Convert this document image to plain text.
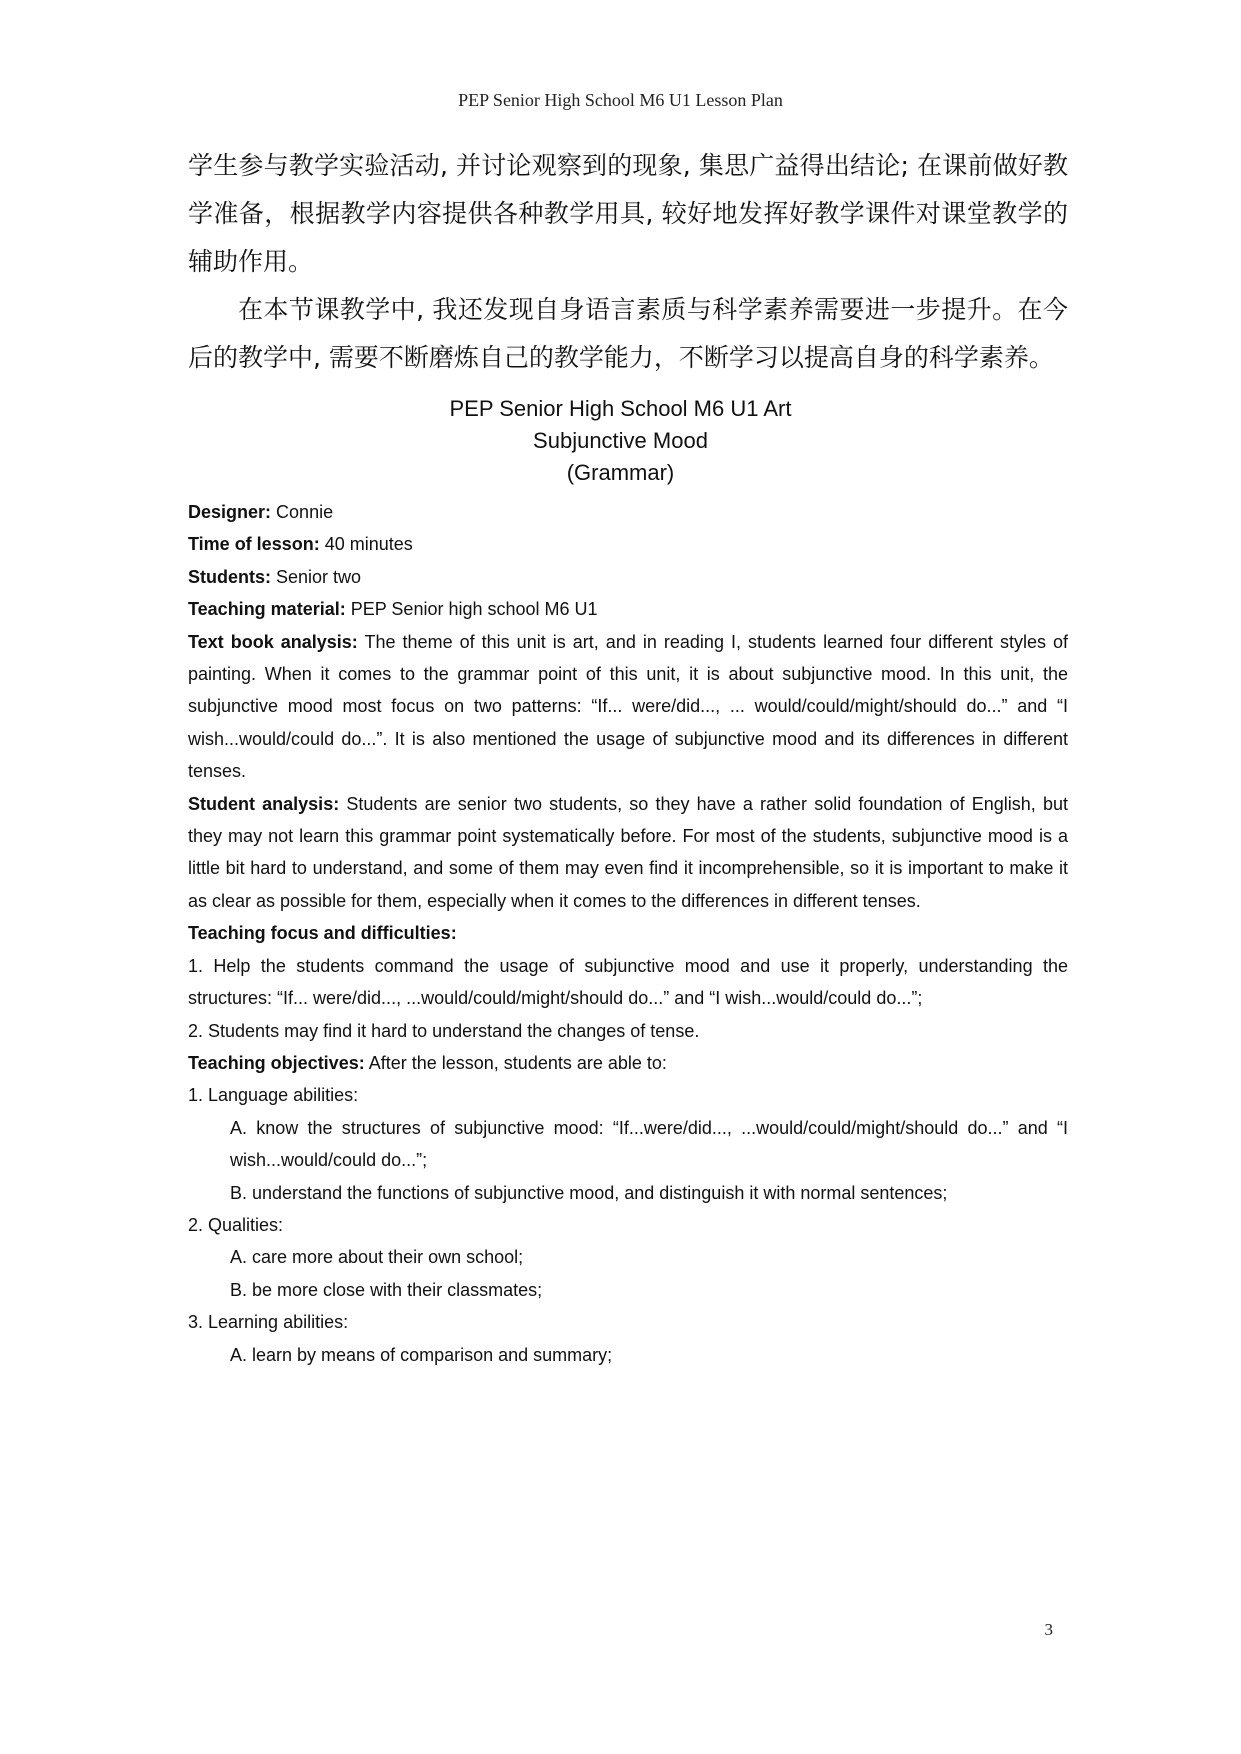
PEP Senior High School M6 U1 Lesson Plan

学生参与教学实验活动, 并讨论观察到的现象, 集思广益得出结论; 在课前做好教学准备，根据教学内容提供各种教学用具, 较好地发挥好教学课件对课堂教学的辅助作用。

在本节课教学中, 我还发现自身语言素质与科学素养需要进一步提升。在今后的教学中, 需要不断磨炼自己的教学能力，不断学习以提高自身的科学素养。

PEP Senior High School M6 U1 Art
Subjunctive Mood
(Grammar)

Designer: Connie

Time of lesson: 40 minutes

Students: Senior two

Teaching material: PEP Senior high school M6 U1

Text book analysis: The theme of this unit is art, and in reading I, students learned four different styles of painting. When it comes to the grammar point of this unit, it is about subjunctive mood. In this unit, the subjunctive mood most focus on two patterns: “If... were/did..., ... would/could/might/should do...” and “I wish...would/could do...”. It is also mentioned the usage of subjunctive mood and its differences in different tenses.

Student analysis: Students are senior two students, so they have a rather solid foundation of English, but they may not learn this grammar point systematically before. For most of the students, subjunctive mood is a little bit hard to understand, and some of them may even find it incomprehensible, so it is important to make it as clear as possible for them, especially when it comes to the differences in different tenses.

Teaching focus and difficulties:

1. Help the students command the usage of subjunctive mood and use it properly, understanding the structures: “If... were/did..., ...would/could/might/should do...” and “I wish...would/could do...”;

2. Students may find it hard to understand the changes of tense.

Teaching objectives: After the lesson, students are able to:

1. Language abilities:

A. know the structures of subjunctive mood: “If...were/did..., ...would/could/might/should do...” and “I wish...would/could do...”;

B. understand the functions of subjunctive mood, and distinguish it with normal sentences;

2. Qualities:

A. care more about their own school;

B. be more close with their classmates;

3. Learning abilities:

A. learn by means of comparison and summary;

3
